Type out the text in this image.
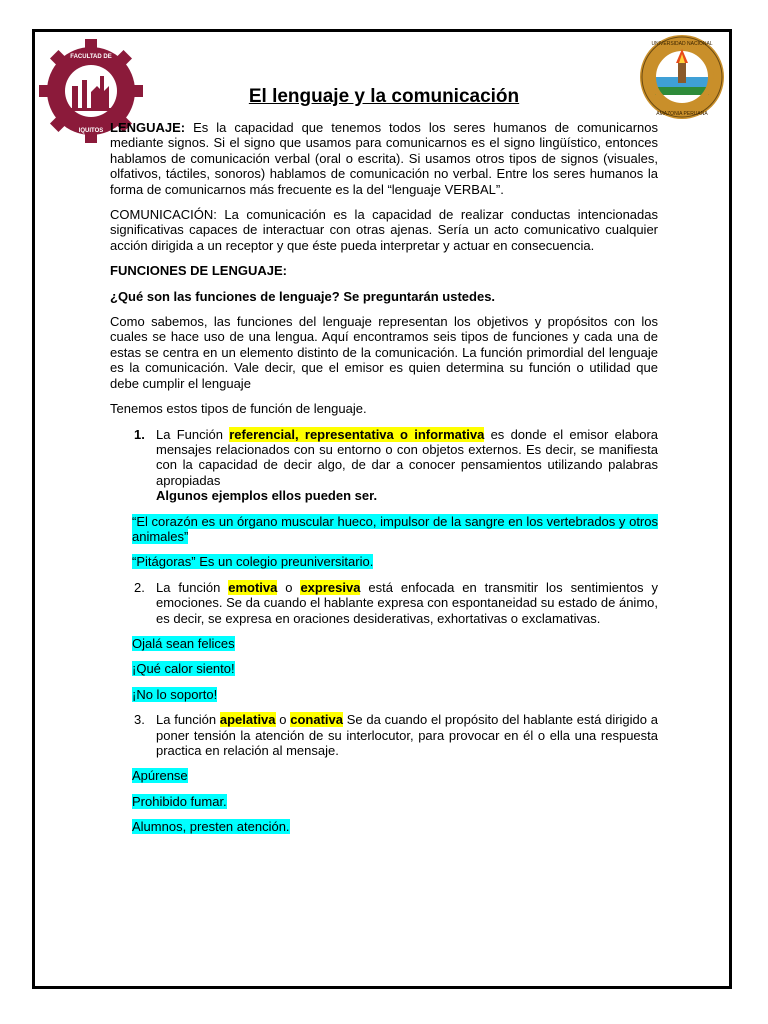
FACULTAD DE
IQUITOS
UNIVERSIDAD NACIONAL
AMAZONIA PERUANA
El lenguaje y la comunicación

LENGUAJE: Es la capacidad que tenemos todos los seres humanos de comunicarnos mediante signos. Si el signo que usamos para comunicarnos es el signo lingüístico, entonces hablamos de comunicación verbal (oral o escrita). Si usamos otros tipos de signos (visuales, olfativos, táctiles, sonoros) hablamos de comunicación no verbal. Entre los seres humanos la forma de comunicarnos más frecuente es la del “lenguaje VERBAL”.

COMUNICACIÓN: La comunicación es la capacidad de realizar conductas intencionadas significativas capaces de interactuar con otras ajenas. Sería un acto comunicativo cualquier acción dirigida a un receptor y que éste pueda interpretar y actuar en consecuencia.

FUNCIONES DE LENGUAJE:

¿Qué son las funciones de lenguaje? Se preguntarán ustedes.

Como sabemos, las funciones del lenguaje representan los objetivos y propósitos con los cuales se hace uso de una lengua. Aquí encontramos seis tipos de funciones y cada una de estas se centra en un elemento distinto de la comunicación. La función primordial del lenguaje es la comunicación. Vale decir, que el emisor es quien determina su función o utilidad que debe cumplir el lenguaje

Tenemos estos tipos de función de lenguaje.

1. La Función referencial, representativa o informativa es donde el emisor elabora mensajes relacionados con su entorno o con objetos externos. Es decir, se manifiesta con la capacidad de decir algo, de dar a conocer pensamientos utilizando palabras apropiadas
Algunos ejemplos ellos pueden ser.

“El corazón es un órgano muscular hueco, impulsor de la sangre en los vertebrados y otros animales”

“Pitágoras” Es un colegio preuniversitario.

2. La función emotiva o expresiva está enfocada en transmitir los sentimientos y emociones. Se da cuando el hablante expresa con espontaneidad su estado de ánimo, es decir, se expresa en oraciones desiderativas, exhortativas o exclamativas.

Ojalá sean felices

¡Qué calor siento!

¡No lo soporto!

3. La función apelativa o conativa Se da cuando el propósito del hablante está dirigido a poner tensión la atención de su interlocutor, para provocar en él o ella una respuesta practica en relación al mensaje.

Apúrense

Prohibido fumar.

Alumnos, presten atención.
